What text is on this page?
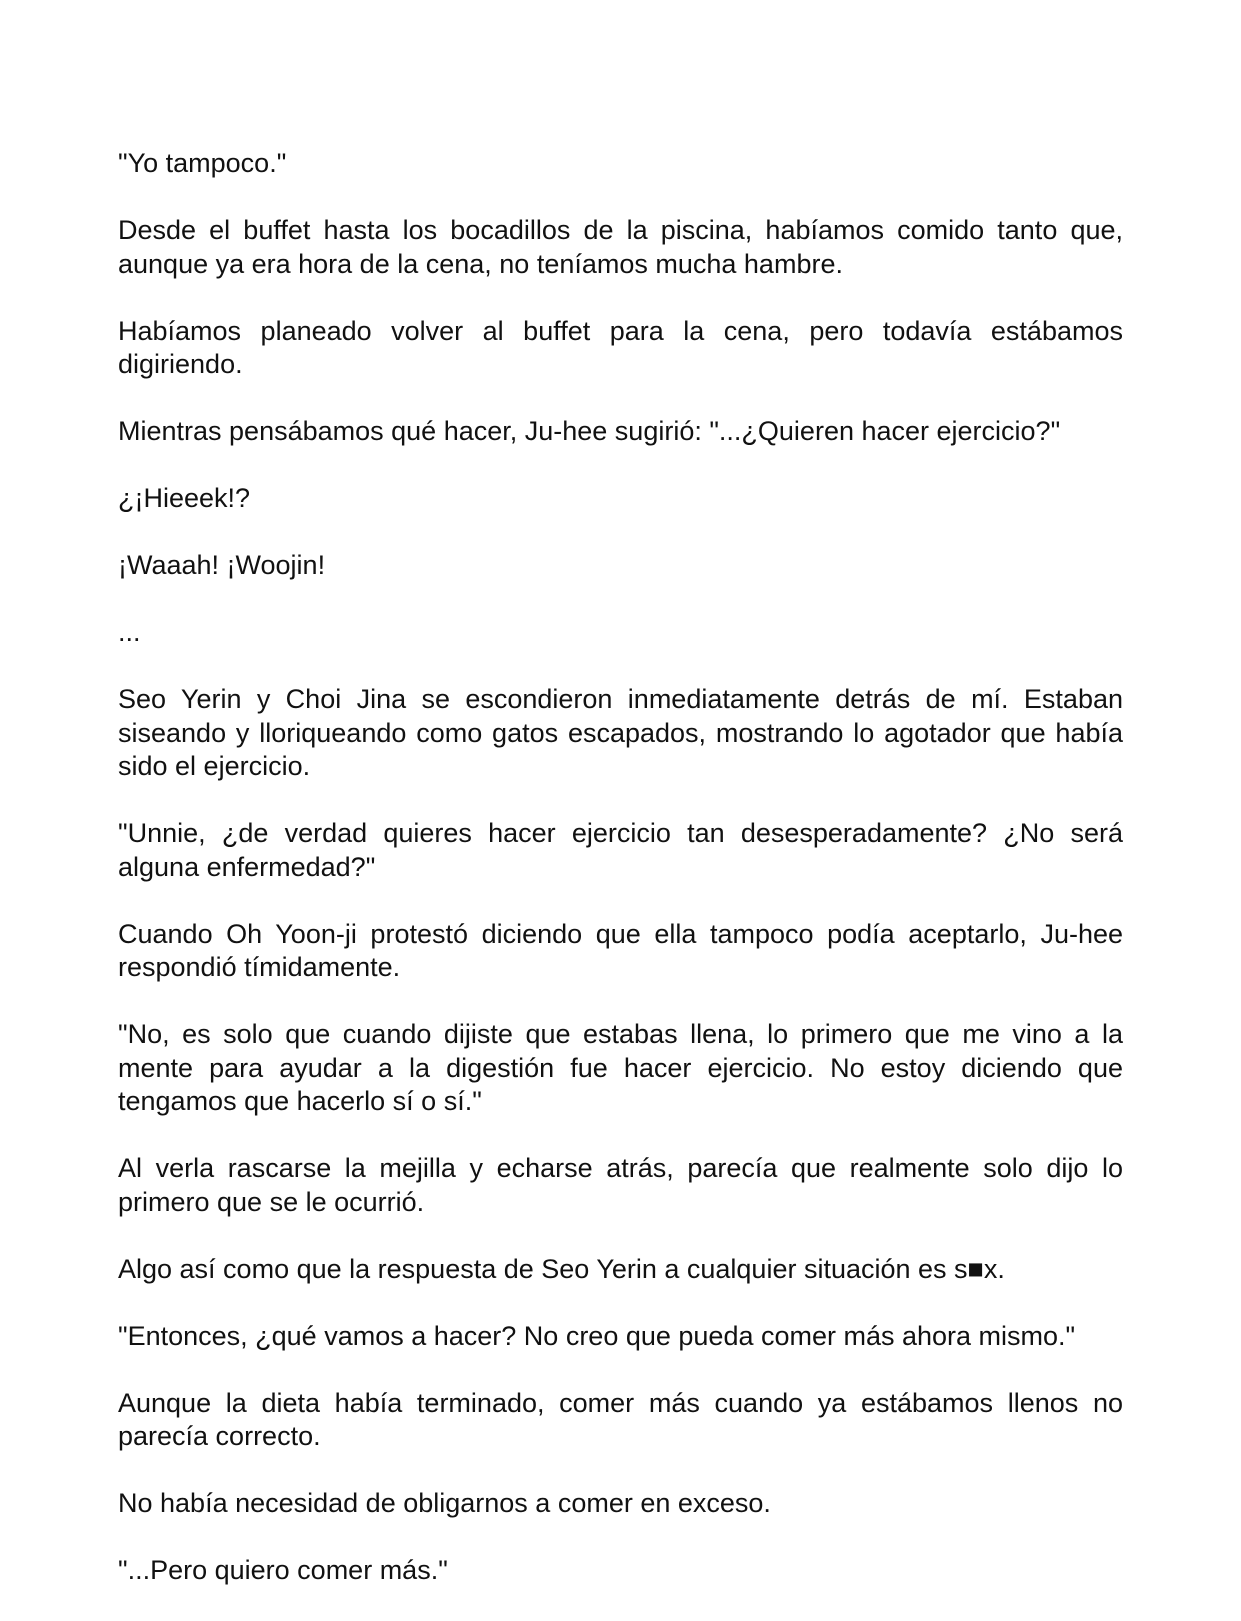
"Yo tampoco."

Desde el buffet hasta los bocadillos de la piscina, habíamos comido tanto que, aunque ya era hora de la cena, no teníamos mucha hambre.

Habíamos planeado volver al buffet para la cena, pero todavía estábamos digiriendo.

Mientras pensábamos qué hacer, Ju-hee sugirió: "...¿Quieren hacer ejercicio?"

¿¡Hieeek!?

¡Waaah! ¡Woojin!

...

Seo Yerin y Choi Jina se escondieron inmediatamente detrás de mí. Estaban siseando y lloriqueando como gatos escapados, mostrando lo agotador que había sido el ejercicio.

"Unnie, ¿de verdad quieres hacer ejercicio tan desesperadamente? ¿No será alguna enfermedad?"

Cuando Oh Yoon-ji protestó diciendo que ella tampoco podía aceptarlo, Ju-hee respondió tímidamente.

"No, es solo que cuando dijiste que estabas llena, lo primero que me vino a la mente para ayudar a la digestión fue hacer ejercicio. No estoy diciendo que tengamos que hacerlo sí o sí."

Al verla rascarse la mejilla y echarse atrás, parecía que realmente solo dijo lo primero que se le ocurrió.

Algo así como que la respuesta de Seo Yerin a cualquier situación es s■x.

"Entonces, ¿qué vamos a hacer? No creo que pueda comer más ahora mismo."

Aunque la dieta había terminado, comer más cuando ya estábamos llenos no parecía correcto.

No había necesidad de obligarnos a comer en exceso.

"...Pero quiero comer más."
